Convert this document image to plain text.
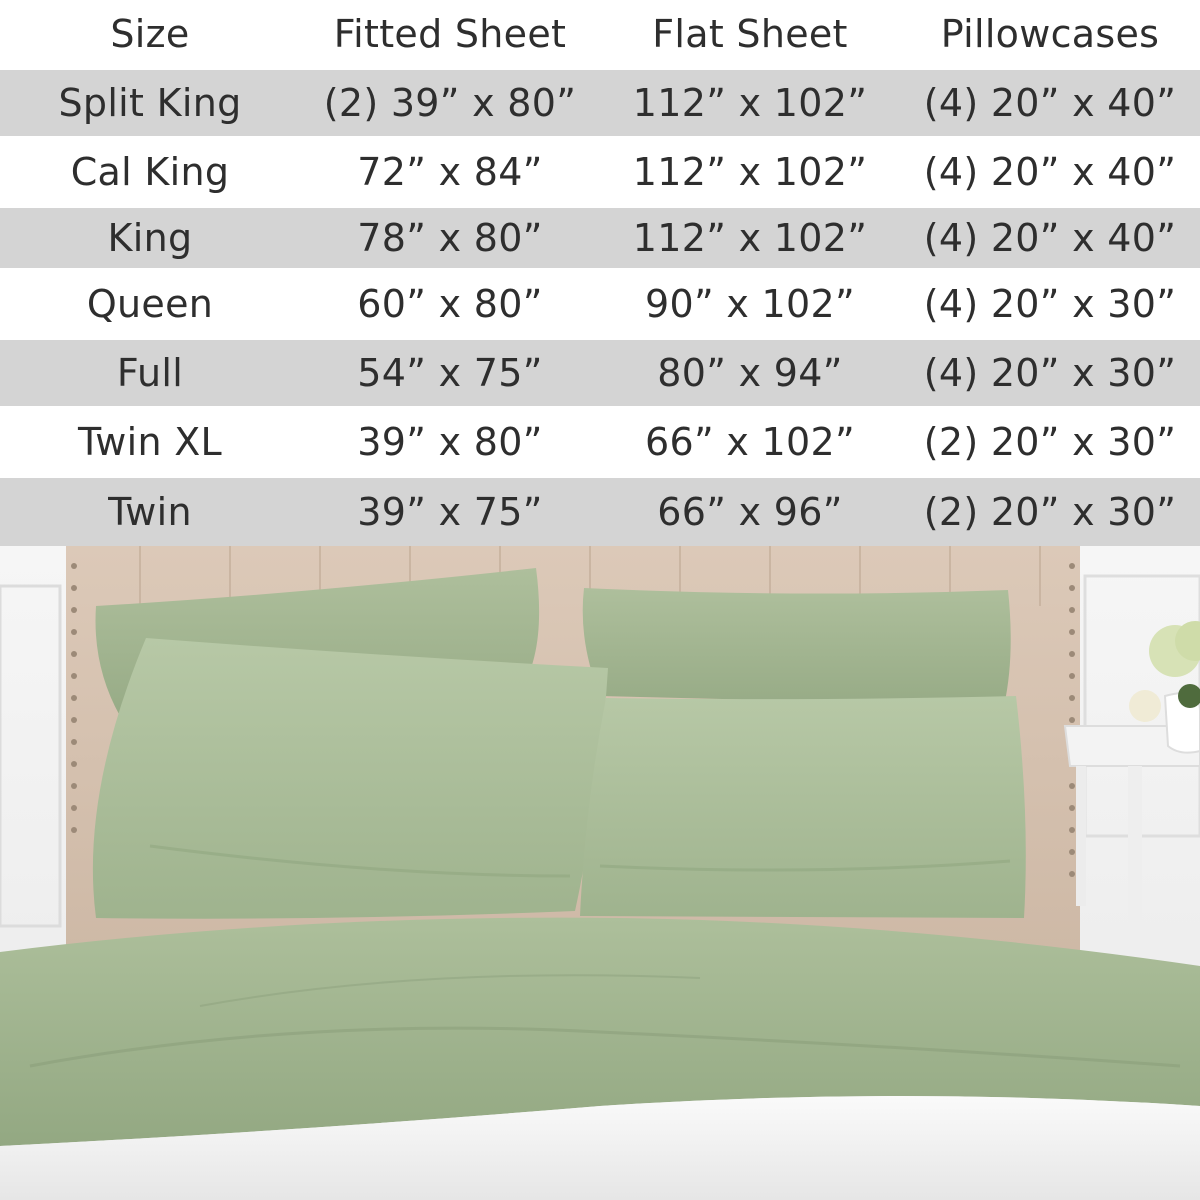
Size	Fitted Sheet	Flat Sheet	Pillowcases
Split King	(2) 39” x 80”	112” x 102”	(4) 20” x 40”
Cal King	72” x 84”	112” x 102”	(4) 20” x 40”
King	78” x 80”	112” x 102”	(4) 20” x 40”
Queen	60” x 80”	90” x 102”	(4) 20” x 30”
Full	54” x 75”	80” x 94”	(4) 20” x 30”
Twin XL	39” x 80”	66” x 102”	(2) 20” x 30”
Twin	39” x 75”	66” x 96”	(2) 20” x 30”
